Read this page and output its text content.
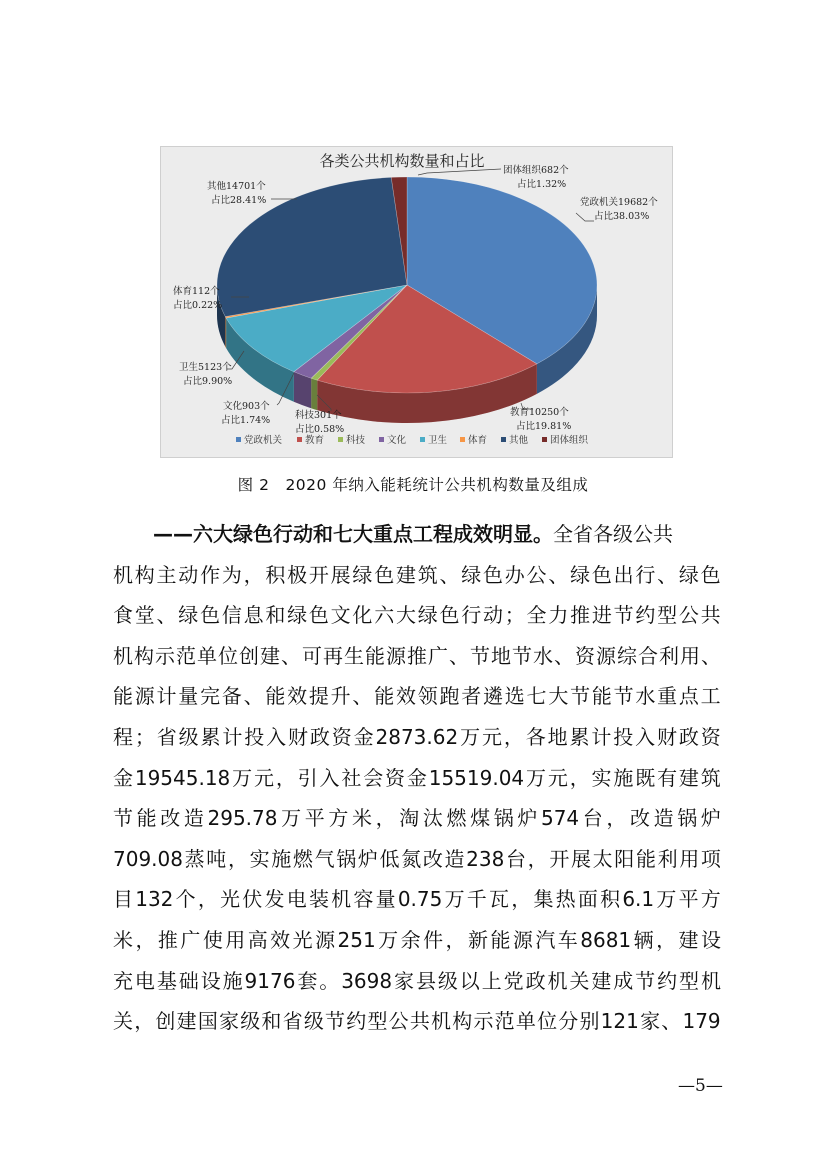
各类公共机构数量和占比
党政机关19682个
占比38.03%
教育10250个
占比19.81%
科技301个
占比0.58%
文化903个
占比1.74%
卫生5123个
占比9.90%
体育112个
占比0.22%
其他14701个
占比28.41%
团体组织682个
占比1.32%
党政机关 教育 科技 文化 卫生 体育 其他 团体组织
图 2　2020 年纳入能耗统计公共机构数量及组成
——六大绿色行动和七大重点工程成效明显。全省各级公共
机 构 主 动 作 为 ， 积 极 开 展 绿 色 建 筑 、 绿 色 办 公 、 绿 色 出 行 、 绿 色
食 堂 、 绿 色 信 息 和 绿 色 文 化 六 大 绿 色 行 动 ； 全 力 推 进 节 约 型 公 共
机 构 示 范 单 位 创 建 、 可 再 生 能 源 推 广 、 节 地 节 水 、 资 源 综 合 利 用 、
能 源 计 量 完 备 、 能 效 提 升 、 能 效 领 跑 者 遴 选 七 大 节 能 节 水 重 点 工
程 ； 省 级 累 计 投 入 财 政 资 金 2873.62 万 元 ， 各 地 累 计 投 入 财 政 资
金 19545.18 万 元 ， 引 入 社 会 资 金 15519.04 万 元 ， 实 施 既 有 建 筑
节 能 改 造 295.78 万 平 方 米 ， 淘 汰 燃 煤 锅 炉 574 台 ， 改 造 锅 炉
709.08 蒸 吨 ， 实 施 燃 气 锅 炉 低 氮 改 造 238 台 ， 开 展 太 阳 能 利 用 项
目 132 个 ， 光 伏 发 电 装 机 容 量 0.75 万 千 瓦 ， 集 热 面 积 6.1 万 平 方
米 ， 推 广 使 用 高 效 光 源 251 万 余 件 ， 新 能 源 汽 车 8681 辆 ， 建 设
充 电 基 础 设 施 9176 套 。 3698 家 县 级 以 上 党 政 机 关 建 成 节 约 型 机
关 ， 创 建 国 家 级 和 省 级 节 约 型 公 共 机 构 示 范 单 位 分 别 121 家 、 179
—5—
